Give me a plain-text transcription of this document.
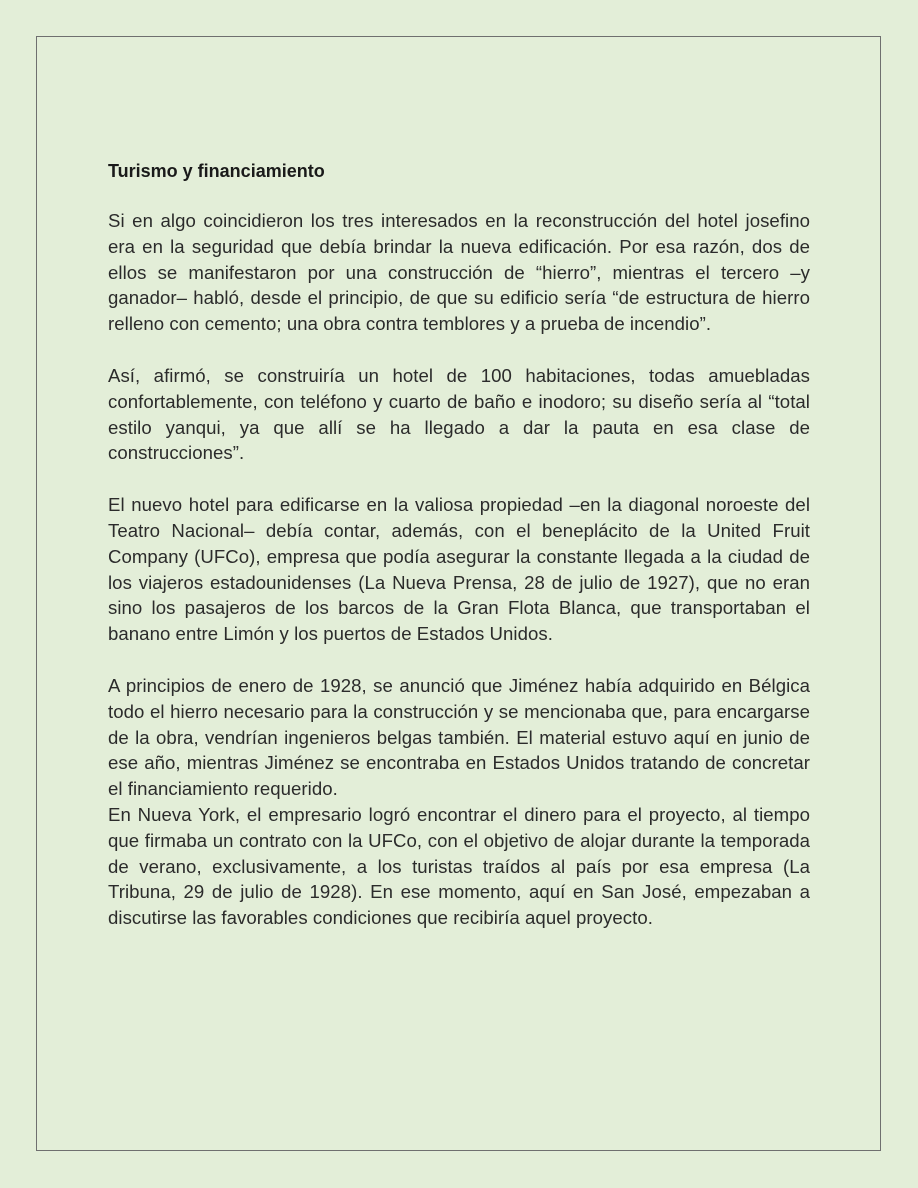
Turismo y financiamiento

Si en algo coincidieron los tres interesados en la reconstrucción del hotel josefino era en la seguridad que debía brindar la nueva edificación. Por esa razón, dos de ellos se manifestaron por una construcción de “hierro”, mientras el tercero –y ganador– habló, desde el principio, de que su edificio sería “de estructura de hierro relleno con cemento; una obra contra temblores y a prueba de incendio”.

Así, afirmó, se construiría un hotel de 100 habitaciones, todas amuebladas confortablemente, con teléfono y cuarto de baño e inodoro; su diseño sería al “total estilo yanqui, ya que allí se ha llegado a dar la pauta en esa clase de construcciones”.

El nuevo hotel para edificarse en la valiosa propiedad –en la diagonal noroeste del Teatro Nacional– debía contar, además, con el beneplácito de la United Fruit Company (UFCo), empresa que podía asegurar la constante llegada a la ciudad de los viajeros estadounidenses (La Nueva Prensa, 28 de julio de 1927), que no eran sino los pasajeros de los barcos de la Gran Flota Blanca, que transportaban el banano entre Limón y los puertos de Estados Unidos.

A principios de enero de 1928, se anunció que Jiménez había adquirido en Bélgica todo el hierro necesario para la construcción y se mencionaba que, para encargarse de la obra, vendrían ingenieros belgas también. El material estuvo aquí en junio de ese año, mientras Jiménez se encontraba en Estados Unidos tratando de concretar el financiamiento requerido.

En Nueva York, el empresario logró encontrar el dinero para el proyecto, al tiempo que firmaba un contrato con la UFCo, con el objetivo de alojar durante la temporada de verano, exclusivamente, a los turistas traídos al país por esa empresa (La Tribuna, 29 de julio de 1928). En ese momento, aquí en San José, empezaban a discutirse las favorables condiciones que recibiría aquel proyecto.
